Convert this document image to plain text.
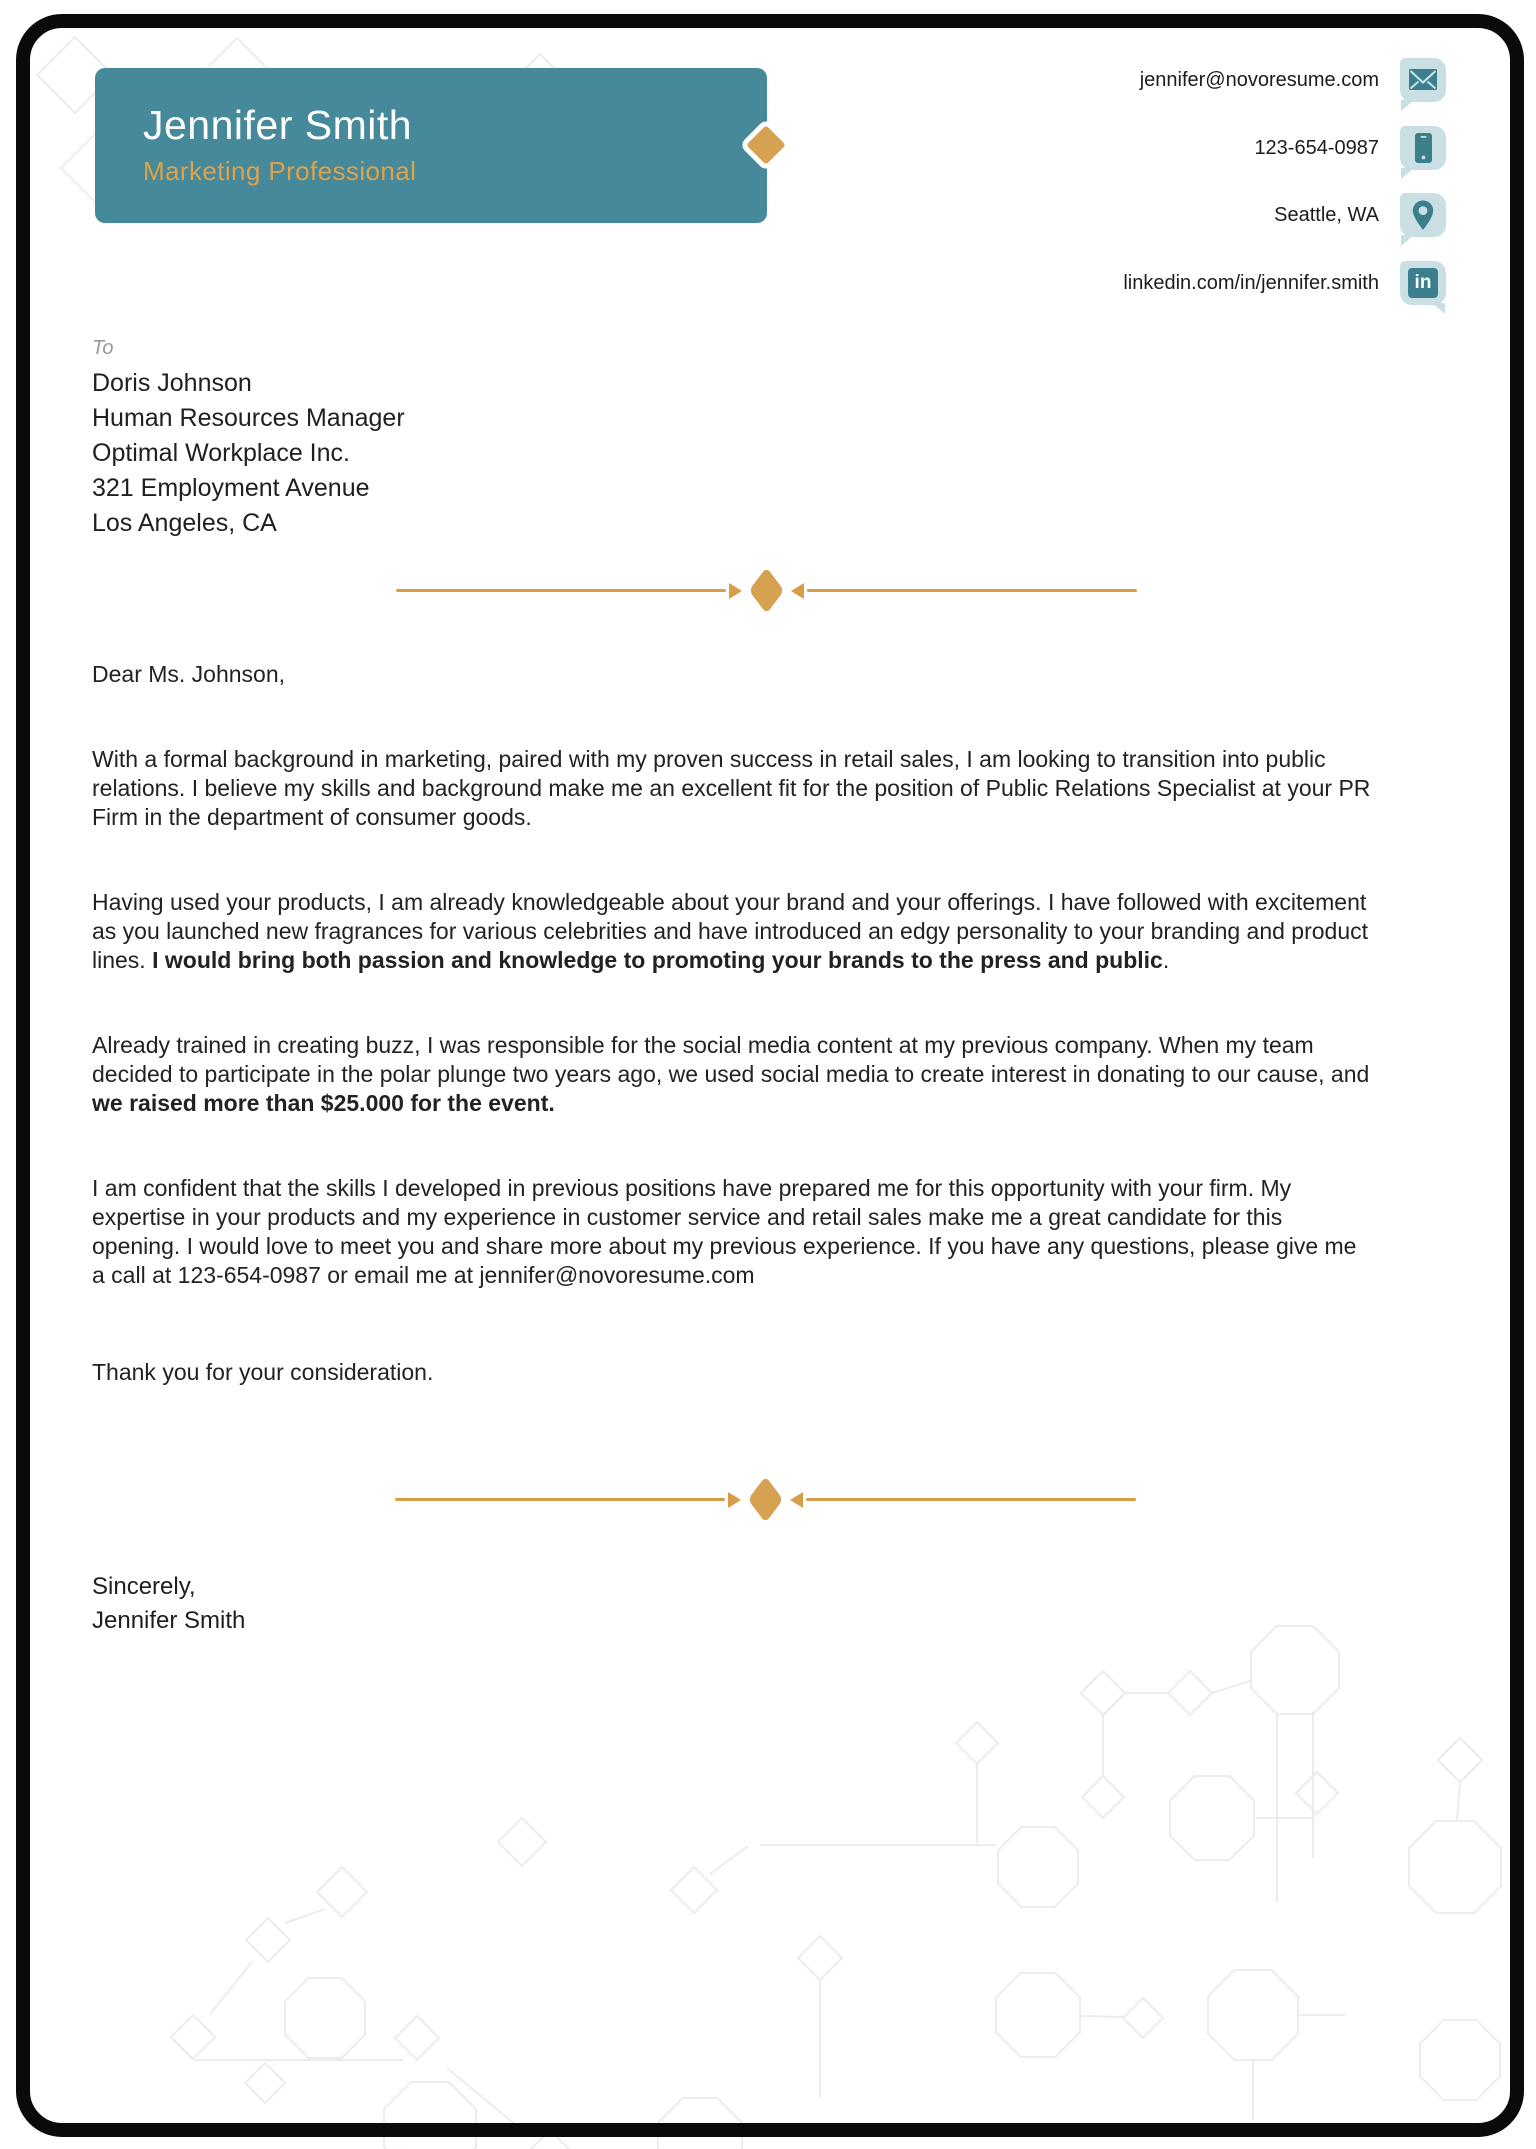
Jennifer Smith
Marketing Professional
jennifer@novoresume.com
123-654-0987
Seattle, WA
linkedin.com/in/jennifer.smith	in
To
Doris Johnson
Human Resources Manager
Optimal Workplace Inc.
321 Employment Avenue
Los Angeles, CA
Dear Ms. Johnson,

With a formal background in marketing, paired with my proven success in retail sales, I am looking to transition into public relations. I believe my skills and background make me an excellent fit for the position of Public Relations Specialist at your PR Firm in the department of consumer goods.

Having used your products, I am already knowledgeable about your brand and your offerings. I have followed with excitement as you launched new fragrances for various celebrities and have introduced an edgy personality to your branding and product lines. I would bring both passion and knowledge to promoting your brands to the press and public.

Already trained in creating buzz, I was responsible for the social media content at my previous company. When my team decided to participate in the polar plunge two years ago, we used social media to create interest in donating to our cause, and we raised more than $25.000 for the event.

I am confident that the skills I developed in previous positions have prepared me for this opportunity with your firm. My expertise in your products and my experience in customer service and retail sales make me a great candidate for this opening. I would love to meet you and share more about my previous experience. If you have any questions, please give me a call at 123-654-0987 or email me at jennifer@novoresume.com

Thank you for your consideration.
Sincerely,
Jennifer Smith
